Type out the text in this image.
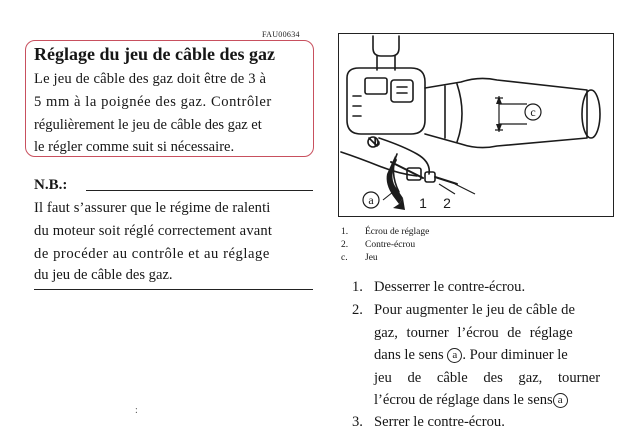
FAU00634
Réglage du jeu de câble des gaz
Le jeu de câble des gaz doit être de 3 à
5 mm à la poignée des gaz. Contrôler
régulièrement le jeu de câble des gaz et
le régler comme suit si nécessaire.
N.B.:
Il faut s’assurer que le régime de ralenti
du moteur soit réglé correctement avant
de procéder au contrôle et au réglage
du jeu de câble des gaz.
:
c
b
a	1 2
1. Écrou de réglage
2. Contre-écrou
c. Jeu
1. Desserrer le contre-écrou.
2. Pour augmenter le jeu de câble de
gaz, tourner l’écrou de réglage
dans le sens a . Pour diminuer le
jeu de câble des gaz, tourner
l’écrou de réglage dans le sens a
3. Serrer le contre-écrou.
